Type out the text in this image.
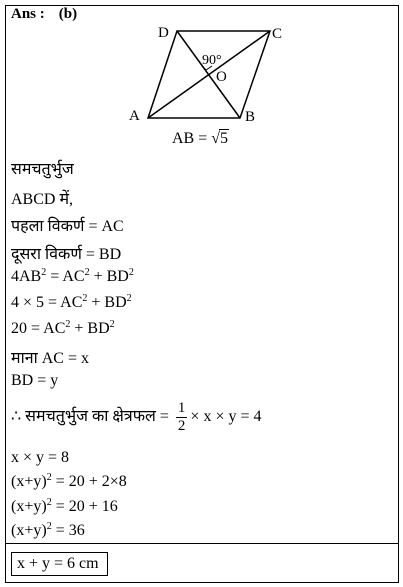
Ans : (b)
D	C
A	B
O
90°
AB = √5
समचतुर्भुज
ABCD में,
पहला विकर्ण = AC
दूसरा विकर्ण = BD
$4AB^2 = AC^2 + BD^2$
$4 \times 5 = AC^2 + BD^2$
$20 = AC^2 + BD^2$
माना AC = x
BD = y
∴ समचतुर्भुज का क्षेत्रफल = $\frac{1}{2} \times x \times y = 4$
x × y = 8
$(x+y)^2 = 20 + 2\times 8$
$(x+y)^2 = 20 + 16$
$(x+y)^2 = 36$
x + y = 6 cm
